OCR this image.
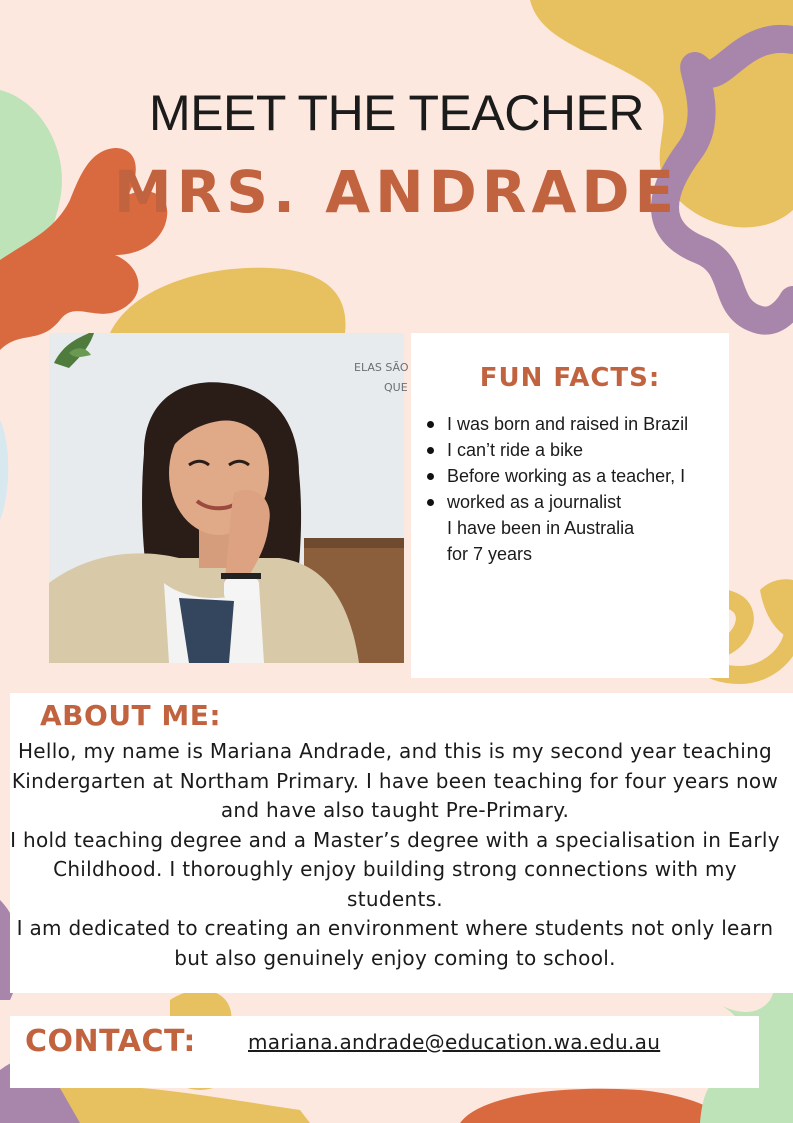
MEET THE TEACHER
MRS. ANDRADE
ELAS SÃO
QUE	FUN FACTS:
I was born and raised in Brazil
I can’t ride a bike
Before working as a teacher, I
worked as a journalist
I have been in Australia
for 7 years
ABOUT ME:

Hello, my name is Mariana Andrade, and this is my second year teaching Kindergarten at Northam Primary. I have been teaching for four years now and have also taught Pre-Primary.

I hold teaching degree and a Master’s degree with a specialisation in Early Childhood. I thoroughly enjoy building strong connections with my students.

I am dedicated to creating an environment where students not only learn but also genuinely enjoy coming to school.

CONTACT:	mariana.andrade@education.wa.edu.au
